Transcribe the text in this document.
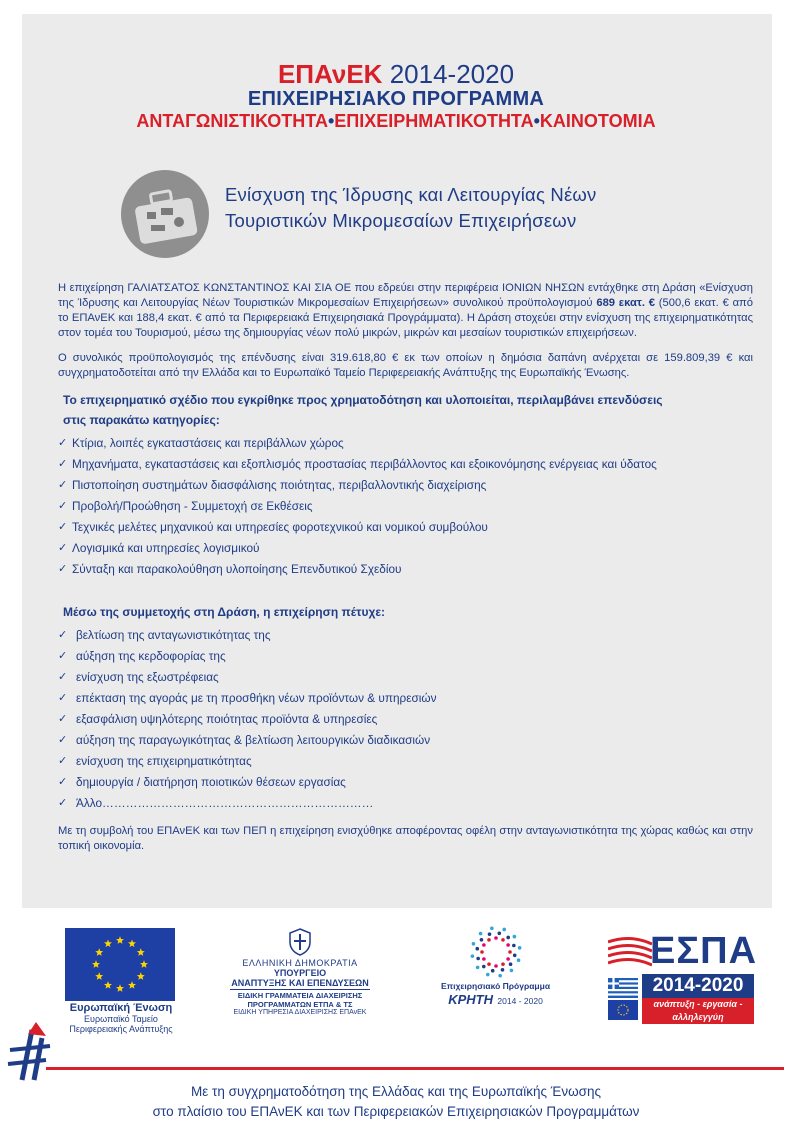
ΕΠΑνΕΚ 2014-2020
ΕΠΙΧΕΙΡΗΣΙΑΚΟ ΠΡΟΓΡΑΜΜΑ
ΑΝΤΑΓΩΝΙΣΤΙΚΟΤΗΤΑ•ΕΠΙΧΕΙΡΗΜΑΤΙΚΟΤΗΤΑ•ΚΑΙΝΟΤΟΜΙΑ
Ενίσχυση της Ίδρυσης και Λειτουργίας Νέων
Τουριστικών Μικρομεσαίων Επιχειρήσεων

Η επιχείρηση ΓΑΛΙΑΤΣΑΤΟΣ ΚΩΝΣΤΑΝΤΙΝΟΣ ΚΑΙ ΣΙΑ ΟΕ που εδρεύει στην περιφέρεια ΙΟΝΙΩΝ ΝΗΣΩΝ εντάχθηκε στη Δράση «Ενίσχυση της Ίδρυσης και Λειτουργίας Νέων Τουριστικών Μικρομεσαίων Επιχειρήσεων» συνολικού προϋπολογισμού 689 εκατ. € (500,6 εκατ. € από το ΕΠΑνΕΚ και 188,4 εκατ. € από τα Περιφερειακά Επιχειρησιακά Προγράμματα). Η Δράση στοχεύει στην ενίσχυση της επιχειρηματικότητας στον τομέα του Τουρισμού, μέσω της δημιουργίας νέων πολύ μικρών, μικρών και μεσαίων τουριστικών επιχειρήσεων.

Ο συνολικός προϋπολογισμός της επένδυσης είναι 319.618,80 € εκ των οποίων η δημόσια δαπάνη ανέρχεται σε 159.809,39 € και συγχρηματοδοτείται από την Ελλάδα και το Ευρωπαϊκό Ταμείο Περιφερειακής Ανάπτυξης της Ευρωπαϊκής Ένωσης.

Το επιχειρηματικό σχέδιο που εγκρίθηκε προς χρηματοδότηση και υλοποιείται, περιλαμβάνει επενδύσεις
στις παρακάτω κατηγορίες:
✓ Κτίρια, λοιπές εγκαταστάσεις και περιβάλλων χώρος
✓ Μηχανήματα, εγκαταστάσεις και εξοπλισμός προστασίας περιβάλλοντος και εξοικονόμησης ενέργειας και ύδατος
✓ Πιστοποίηση συστημάτων διασφάλισης ποιότητας, περιβαλλοντικής διαχείρισης
✓ Προβολή/Προώθηση - Συμμετοχή σε Εκθέσεις
✓ Τεχνικές μελέτες μηχανικού και υπηρεσίες φοροτεχνικού και νομικού συμβούλου
✓ Λογισμικά και υπηρεσίες λογισμικού
✓ Σύνταξη και παρακολούθηση υλοποίησης Επενδυτικού Σχεδίου
Μέσω της συμμετοχής στη Δράση, η επιχείρηση πέτυχε:
✓ βελτίωση της ανταγωνιστικότητας της
✓ αύξηση της κερδοφορίας της
✓ ενίσχυση της εξωστρέφειας
✓ επέκταση της αγοράς με τη προσθήκη νέων προϊόντων & υπηρεσιών
✓ εξασφάλιση υψηλότερης ποιότητας προϊόντα & υπηρεσίες
✓ αύξηση της παραγωγικότητας & βελτίωση λειτουργικών διαδικασιών
✓ ενίσχυση της επιχειρηματικότητας
✓ δημιουργία / διατήρηση ποιοτικών θέσεων εργασίας
✓ Άλλο……………………………………………………………

Με τη συμβολή του ΕΠΑνΕΚ και των ΠΕΠ η επιχείρηση ενισχύθηκε αποφέροντας οφέλη στην ανταγωνιστικότητα της χώρας καθώς και στην τοπική οικονομία.

Ευρωπαϊκή Ένωση
Ευρωπαϊκό Ταμείο
Περιφερειακής Ανάπτυξης
ΕΛΛΗΝΙΚΗ ΔΗΜΟΚΡΑΤΙΑ
ΥΠΟΥΡΓΕΙΟ
ΑΝΑΠΤΥΞΗΣ ΚΑΙ ΕΠΕΝΔΥΣΕΩΝ
ΕΙΔΙΚΗ ΓΡΑΜΜΑΤΕΙΑ ΔΙΑΧΕΙΡΙΣΗΣ
ΠΡΟΓΡΑΜΜΑΤΩΝ ΕΤΠΑ & ΤΣ
ΕΙΔΙΚΗ ΥΠΗΡΕΣΙΑ ΔΙΑΧΕΙΡΙΣΗΣ ΕΠΑνΕΚ
Επιχειρησιακό Πρόγραμμα
ΚΡΗΤΗ 2014 - 2020
ΕΣΠΑ
2014-2020
ανάπτυξη - εργασία - αλληλεγγύη
Με τη συγχρηματοδότηση της Ελλάδας και της Ευρωπαϊκής Ένωσης
στο πλαίσιο του ΕΠΑνΕΚ και των Περιφερειακών Επιχειρησιακών Προγραμμάτων
